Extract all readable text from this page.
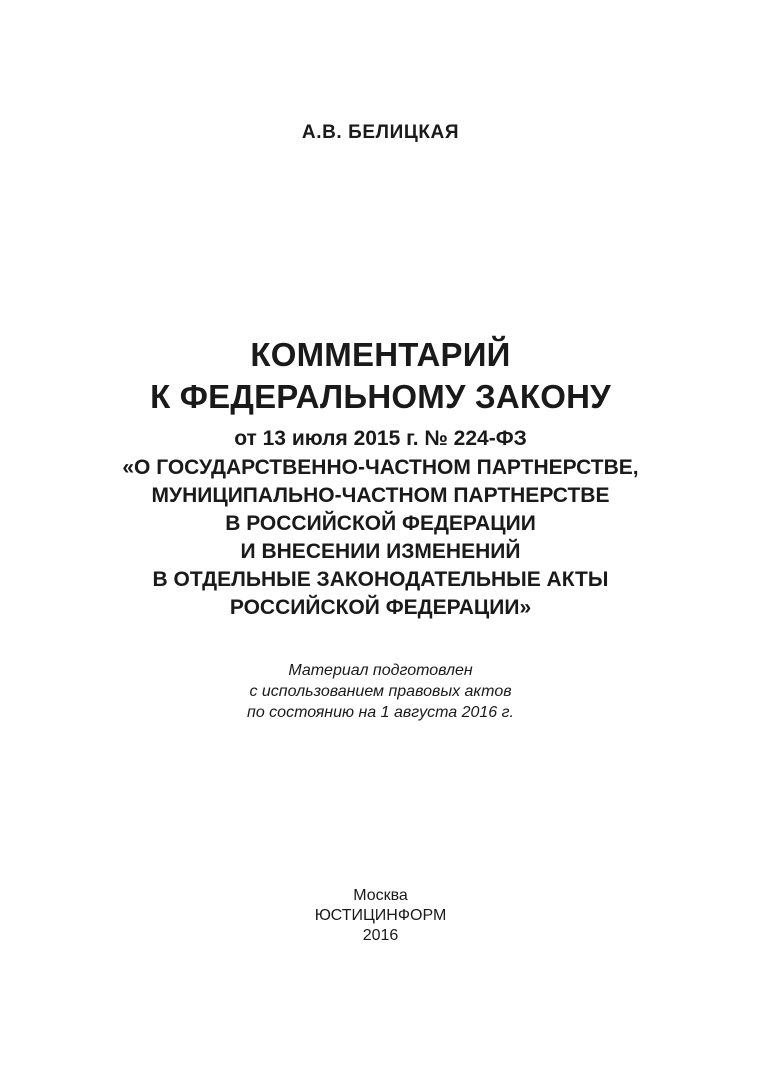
А.В. БЕЛИЦКАЯ
КОММЕНТАРИЙ
К ФЕДЕРАЛЬНОМУ ЗАКОНУ
от 13 июля 2015 г. № 224-ФЗ
«О ГОСУДАРСТВЕННО-ЧАСТНОМ ПАРТНЕРСТВЕ,
МУНИЦИПАЛЬНО-ЧАСТНОМ ПАРТНЕРСТВЕ
В РОССИЙСКОЙ ФЕДЕРАЦИИ
И ВНЕСЕНИИ ИЗМЕНЕНИЙ
В ОТДЕЛЬНЫЕ ЗАКОНОДАТЕЛЬНЫЕ АКТЫ
РОССИЙСКОЙ ФЕДЕРАЦИИ»
Материал подготовлен
с использованием правовых актов
по состоянию на 1 августа 2016 г.
Москва
ЮСТИЦИНФОРМ
2016
